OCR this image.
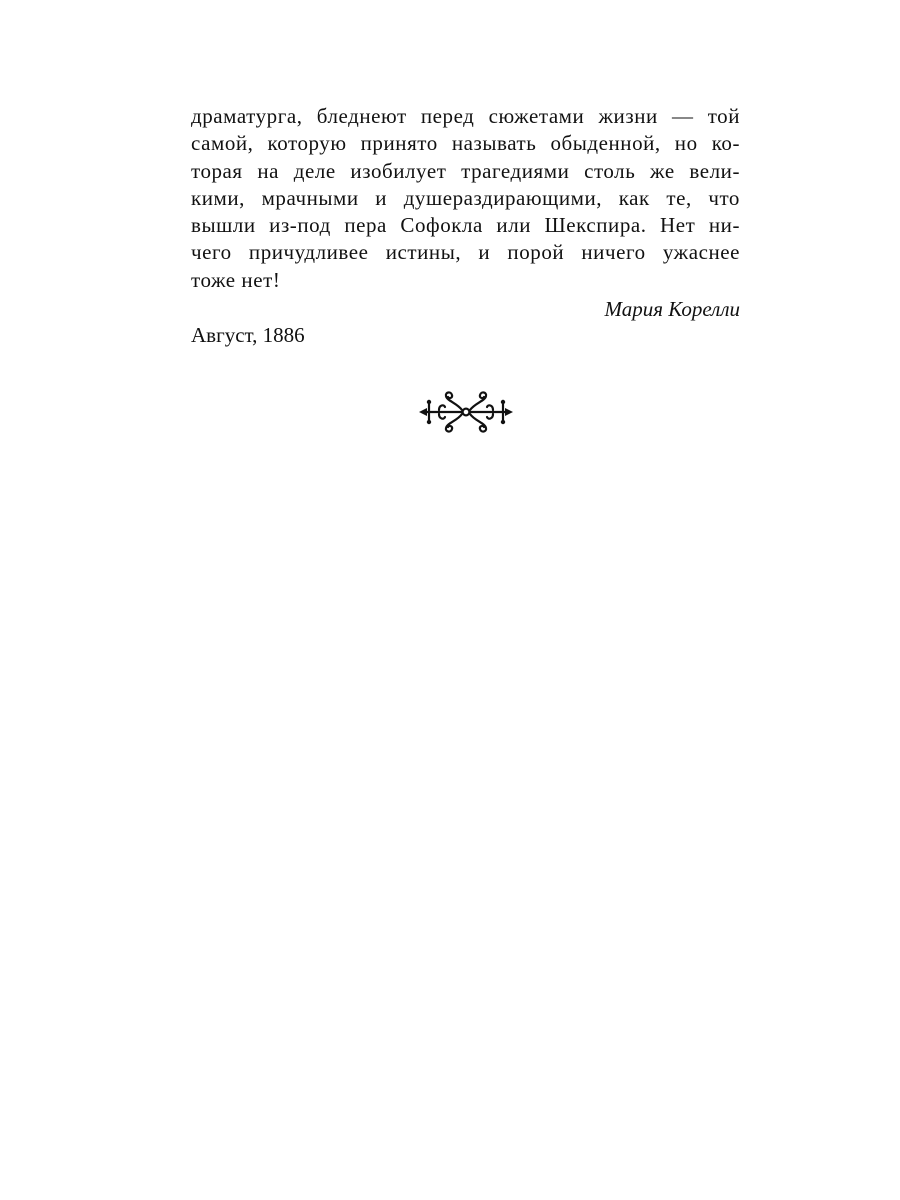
драматурга, бледнеют перед сюжетами жизни — той
самой, которую принято называть обыденной, но ко-
торая на деле изобилует трагедиями столь же вели-
кими, мрачными и душераздирающими, как те, что
вышли из-под пера Софокла или Шекспира. Нет ни-
чего причудливее истины, и порой ничего ужаснее
тоже нет!
Мария Корелли
Август, 1886
